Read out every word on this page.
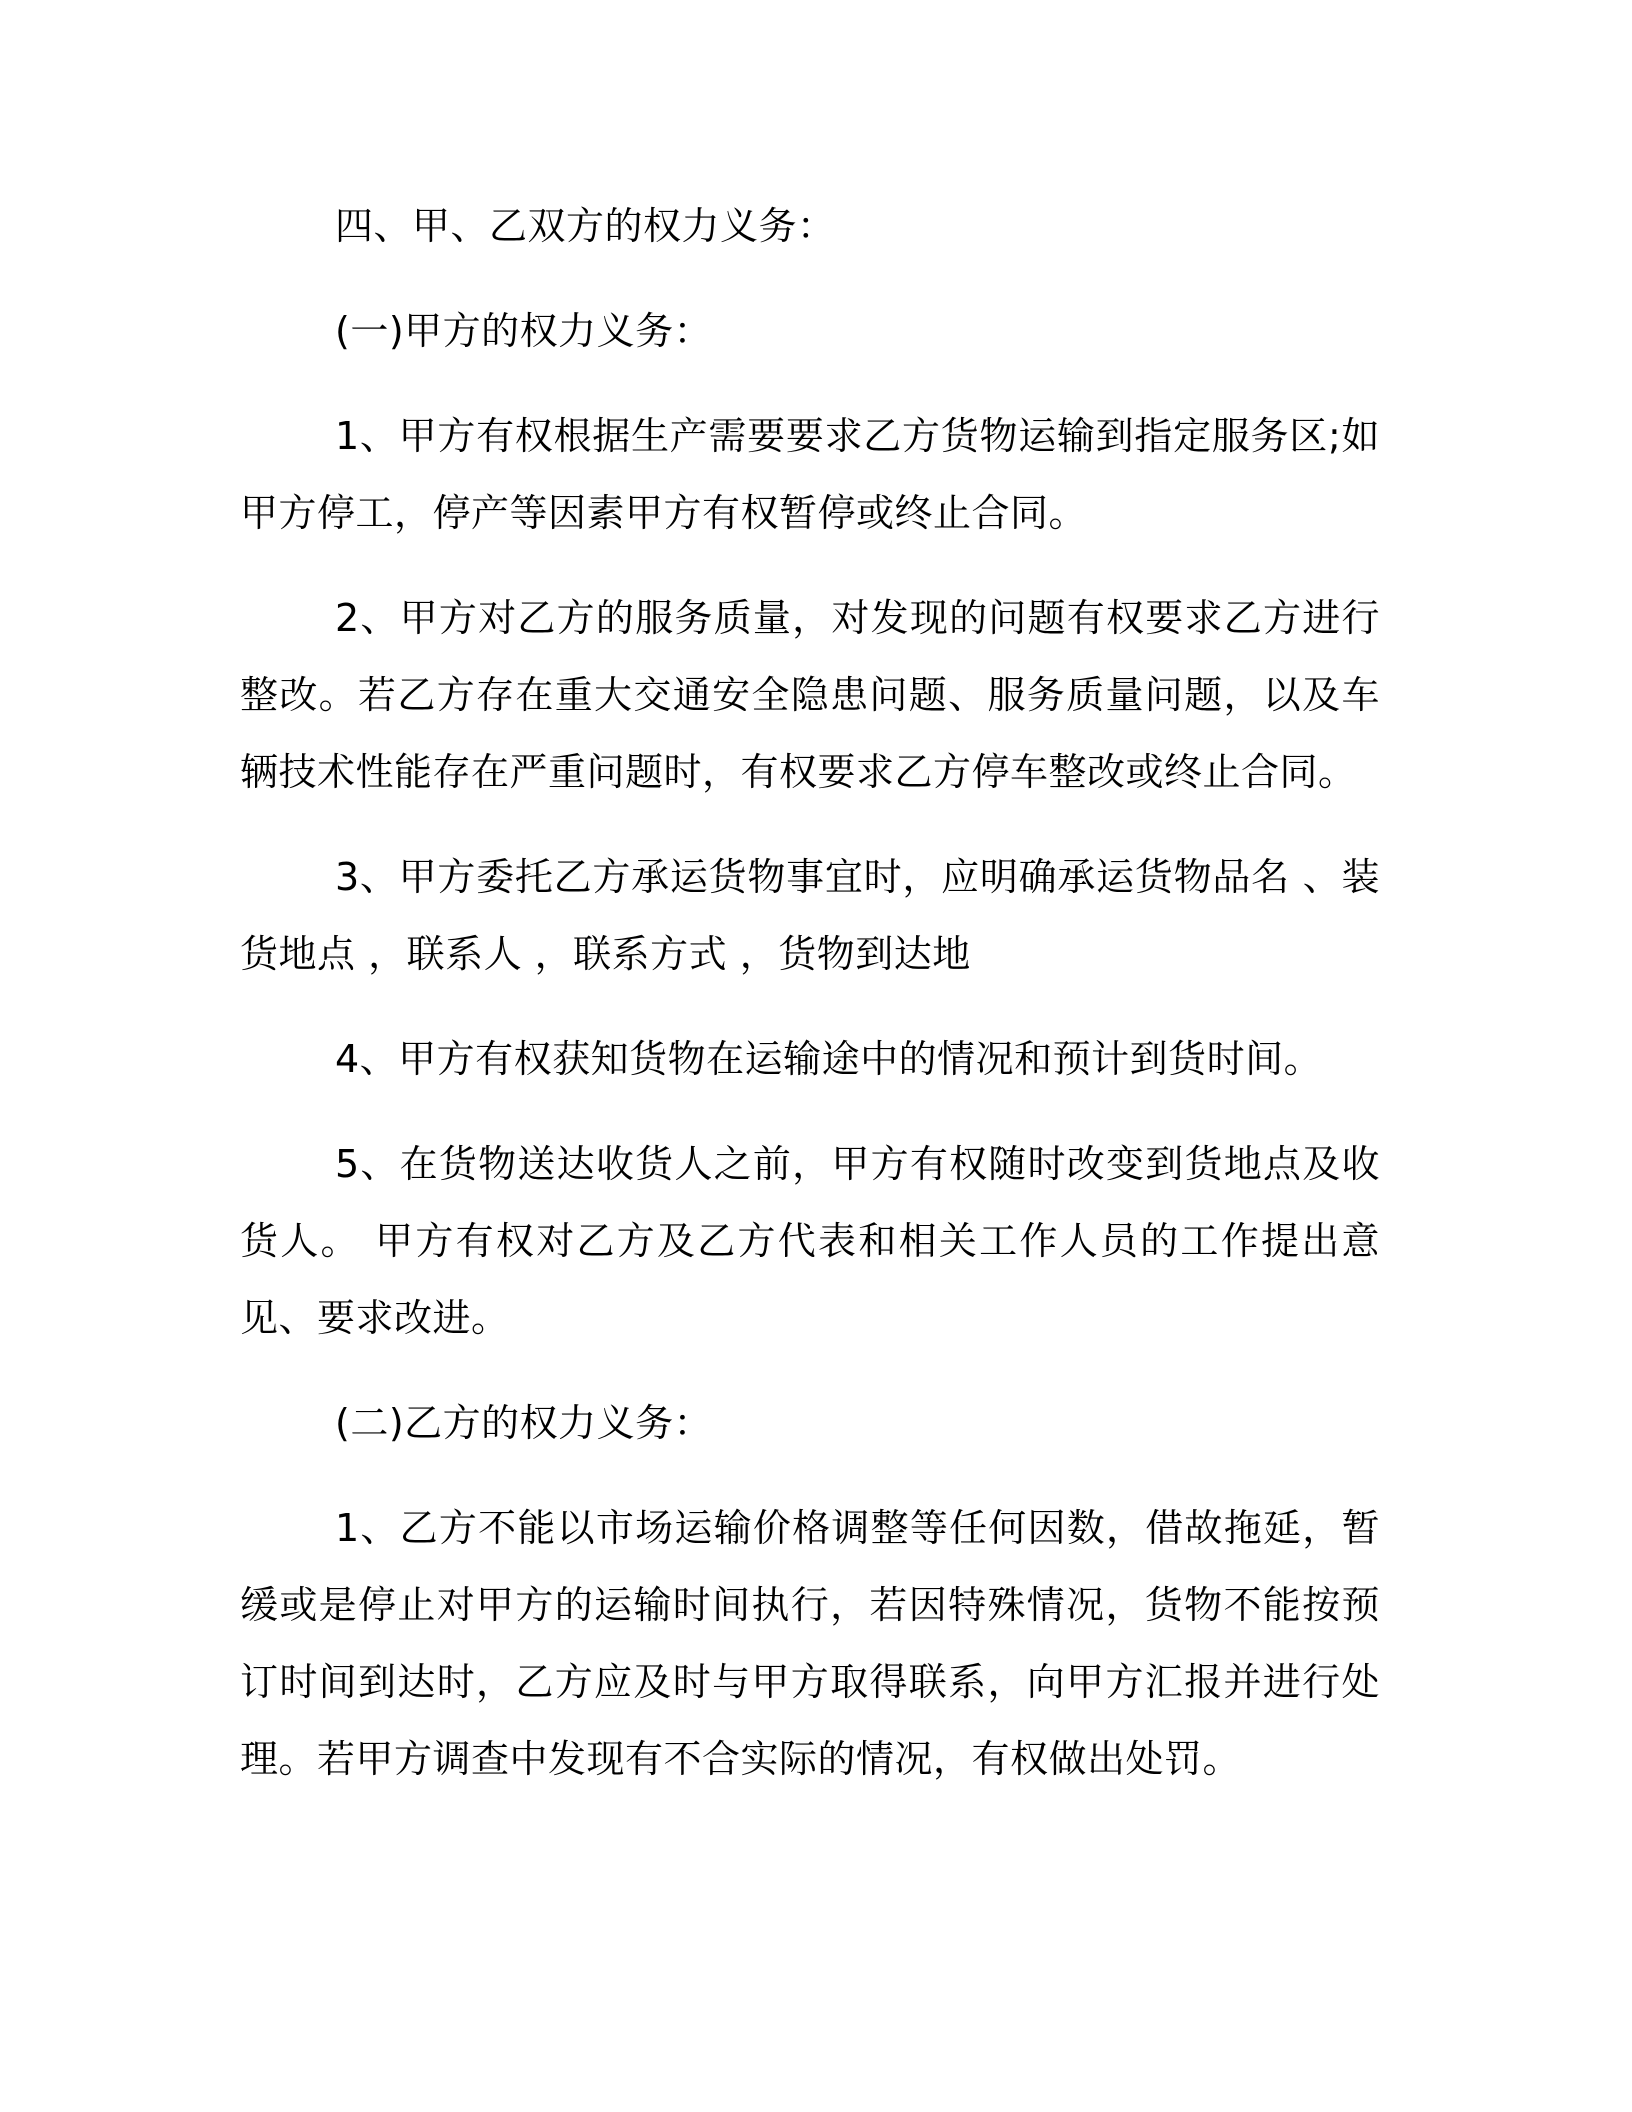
四、甲、乙双方的权力义务：

(一)甲方的权力义务：

1、甲方有权根据生产需要要求乙方货物运输到指定服务区;如甲方停工，停产等因素甲方有权暂停或终止合同。

2、甲方对乙方的服务质量，对发现的问题有权要求乙方进行整改。若乙方存在重大交通安全隐患问题、服务质量问题，以及车辆技术性能存在严重问题时，有权要求乙方停车整改或终止合同。

3、甲方委托乙方承运货物事宜时，应明确承运货物品名 、装货地点 ，联系人 ，联系方式 ，货物到达地

4、甲方有权获知货物在运输途中的情况和预计到货时间。

5、在货物送达收货人之前，甲方有权随时改变到货地点及收货人。 甲方有权对乙方及乙方代表和相关工作人员的工作提出意见、要求改进。

(二)乙方的权力义务：

1、乙方不能以市场运输价格调整等任何因数，借故拖延，暂缓或是停止对甲方的运输时间执行，若因特殊情况，货物不能按预订时间到达时，乙方应及时与甲方取得联系，向甲方汇报并进行处理。若甲方调查中发现有不合实际的情况，有权做出处罚。
